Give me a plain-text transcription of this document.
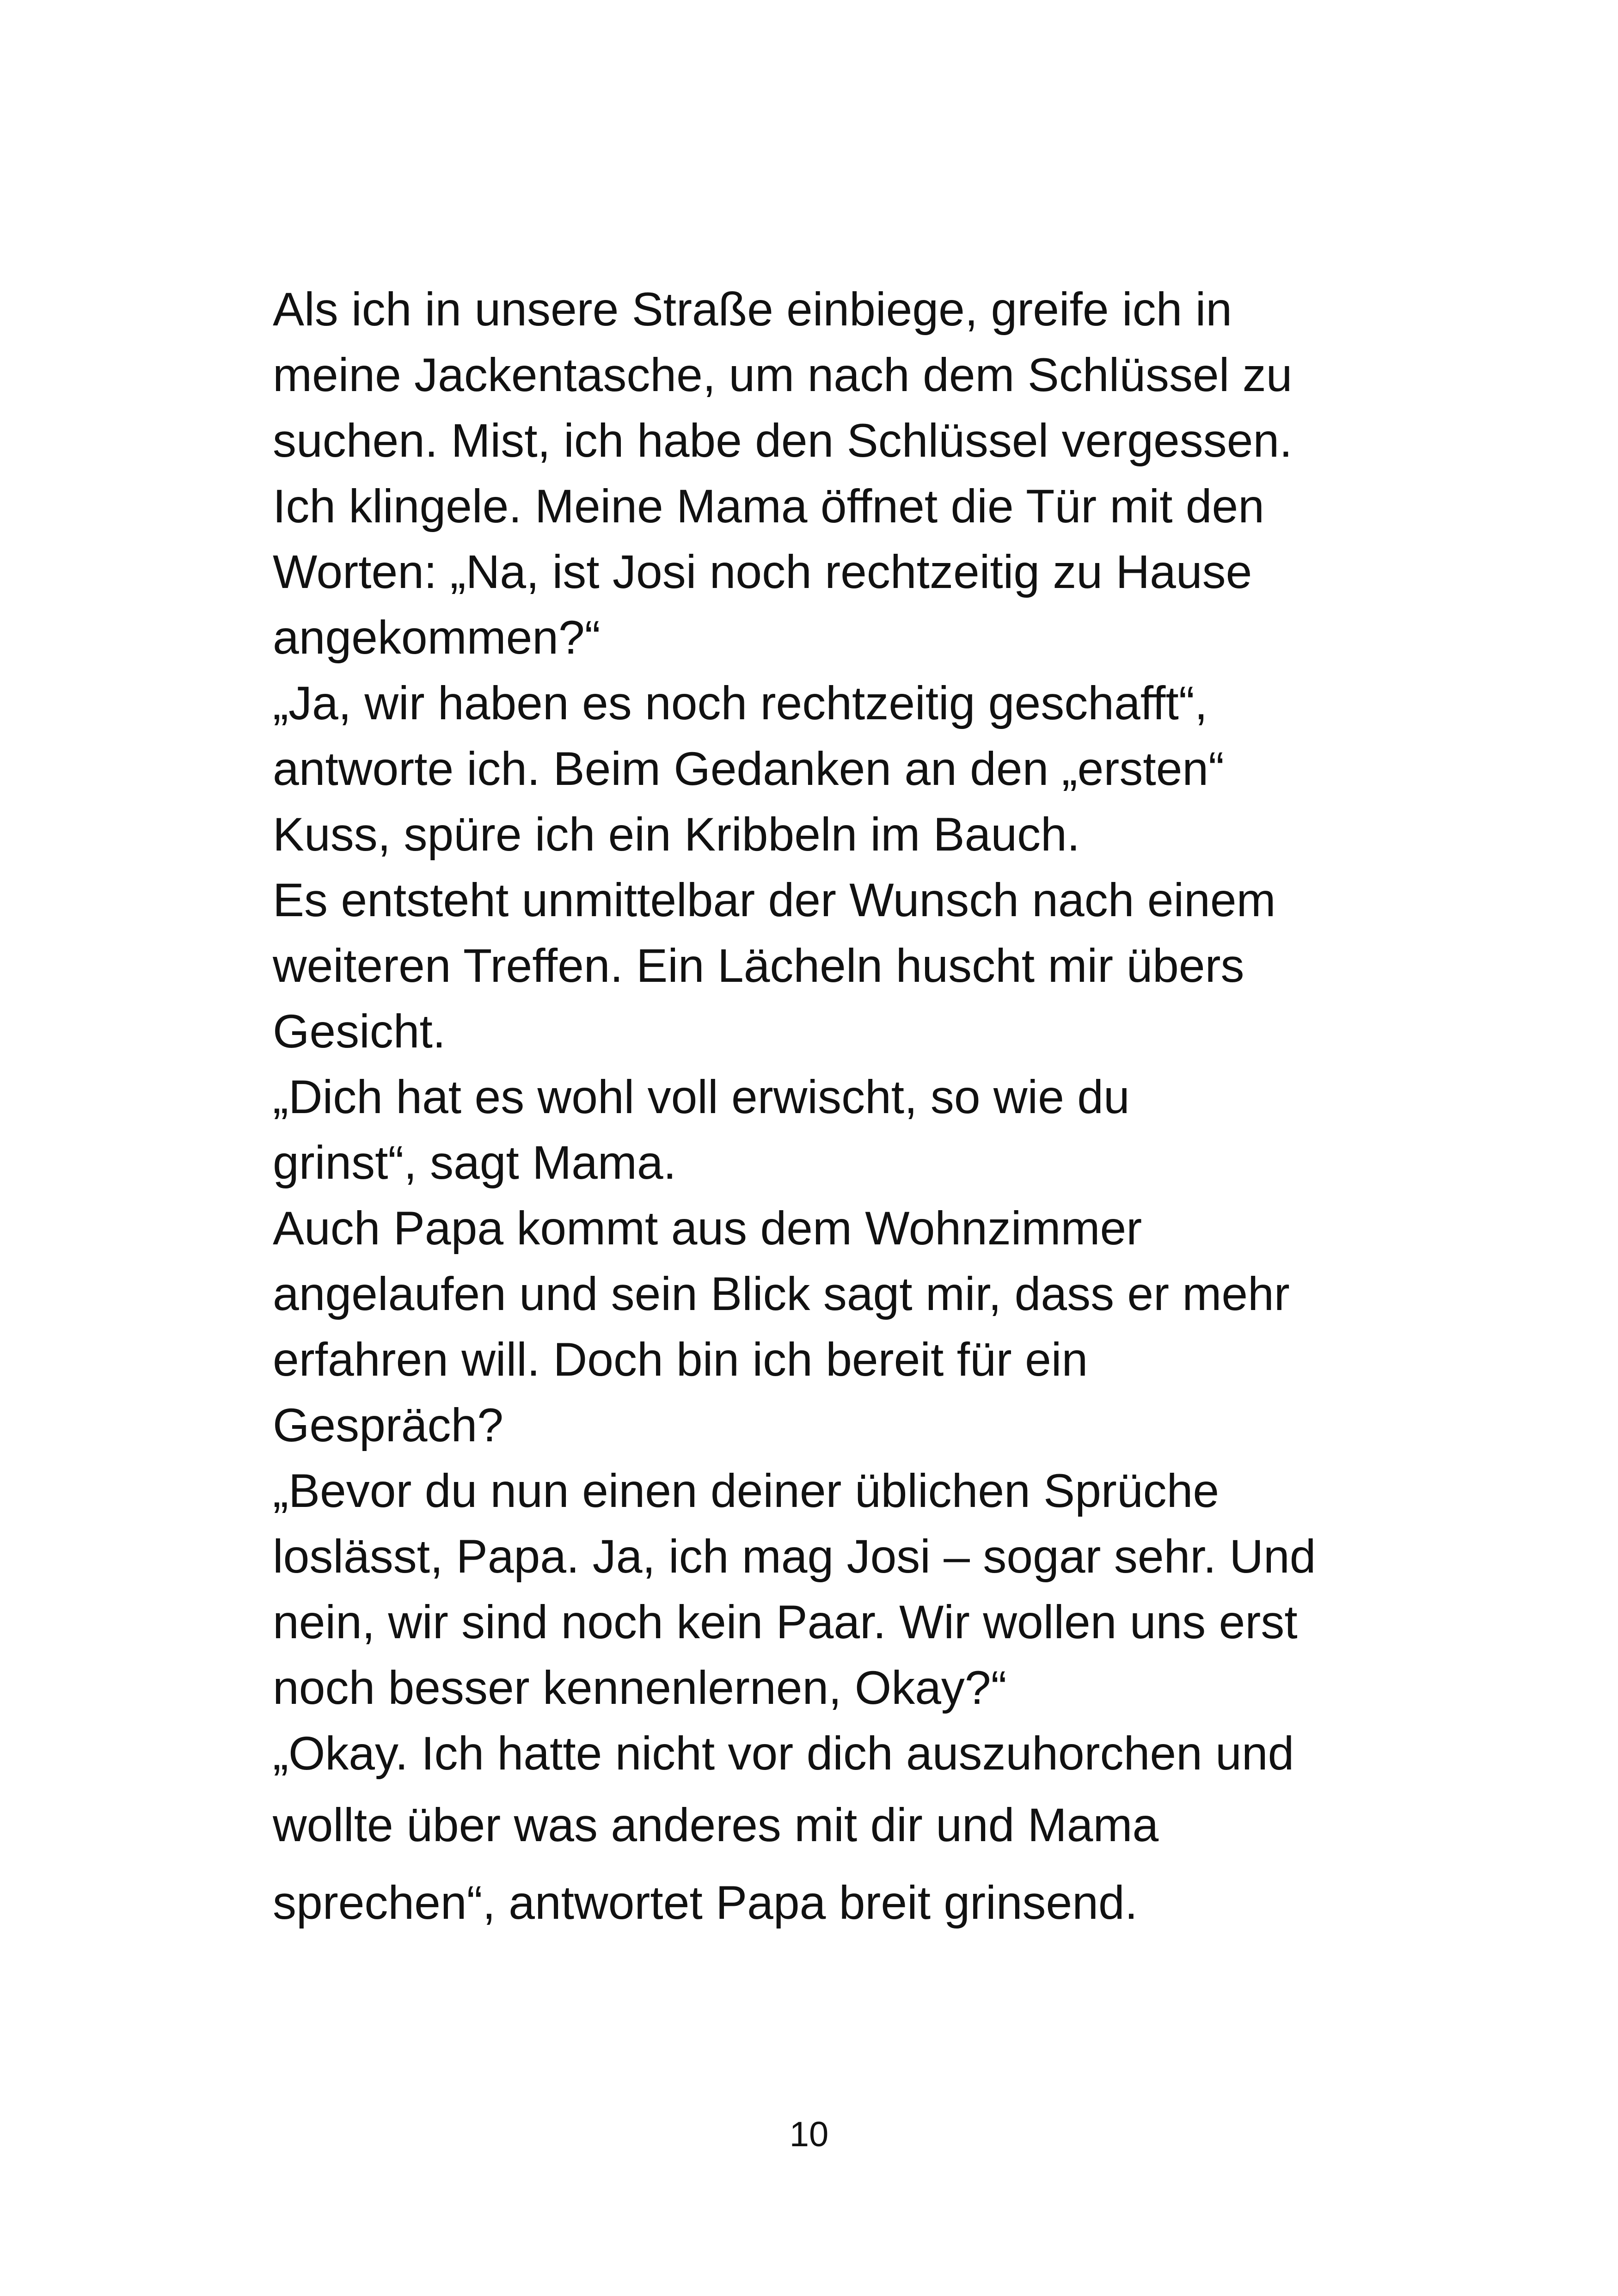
Als ich in unsere Straße einbiege, greife ich in
meine Jackentasche, um nach dem Schlüssel zu
suchen. Mist, ich habe den Schlüssel vergessen.
Ich klingele. Meine Mama öffnet die Tür mit den
Worten: „Na, ist Josi noch rechtzeitig zu Hause
angekommen?“
„Ja, wir haben es noch rechtzeitig geschafft“,
antworte ich. Beim Gedanken an den „ersten“
Kuss, spüre ich ein Kribbeln im Bauch.
Es entsteht unmittelbar der Wunsch nach einem
weiteren Treffen. Ein Lächeln huscht mir übers
Gesicht.
„Dich hat es wohl voll erwischt, so wie du
grinst“, sagt Mama.
Auch Papa kommt aus dem Wohnzimmer
angelaufen und sein Blick sagt mir, dass er mehr
erfahren will. Doch bin ich bereit für ein
Gespräch?
„Bevor du nun einen deiner üblichen Sprüche
loslässt, Papa. Ja, ich mag Josi – sogar sehr. Und
nein, wir sind noch kein Paar. Wir wollen uns erst
noch besser kennenlernen, Okay?“
„Okay. Ich hatte nicht vor dich auszuhorchen und
wollte über was anderes mit dir und Mama
sprechen“, antwortet Papa breit grinsend.
10
